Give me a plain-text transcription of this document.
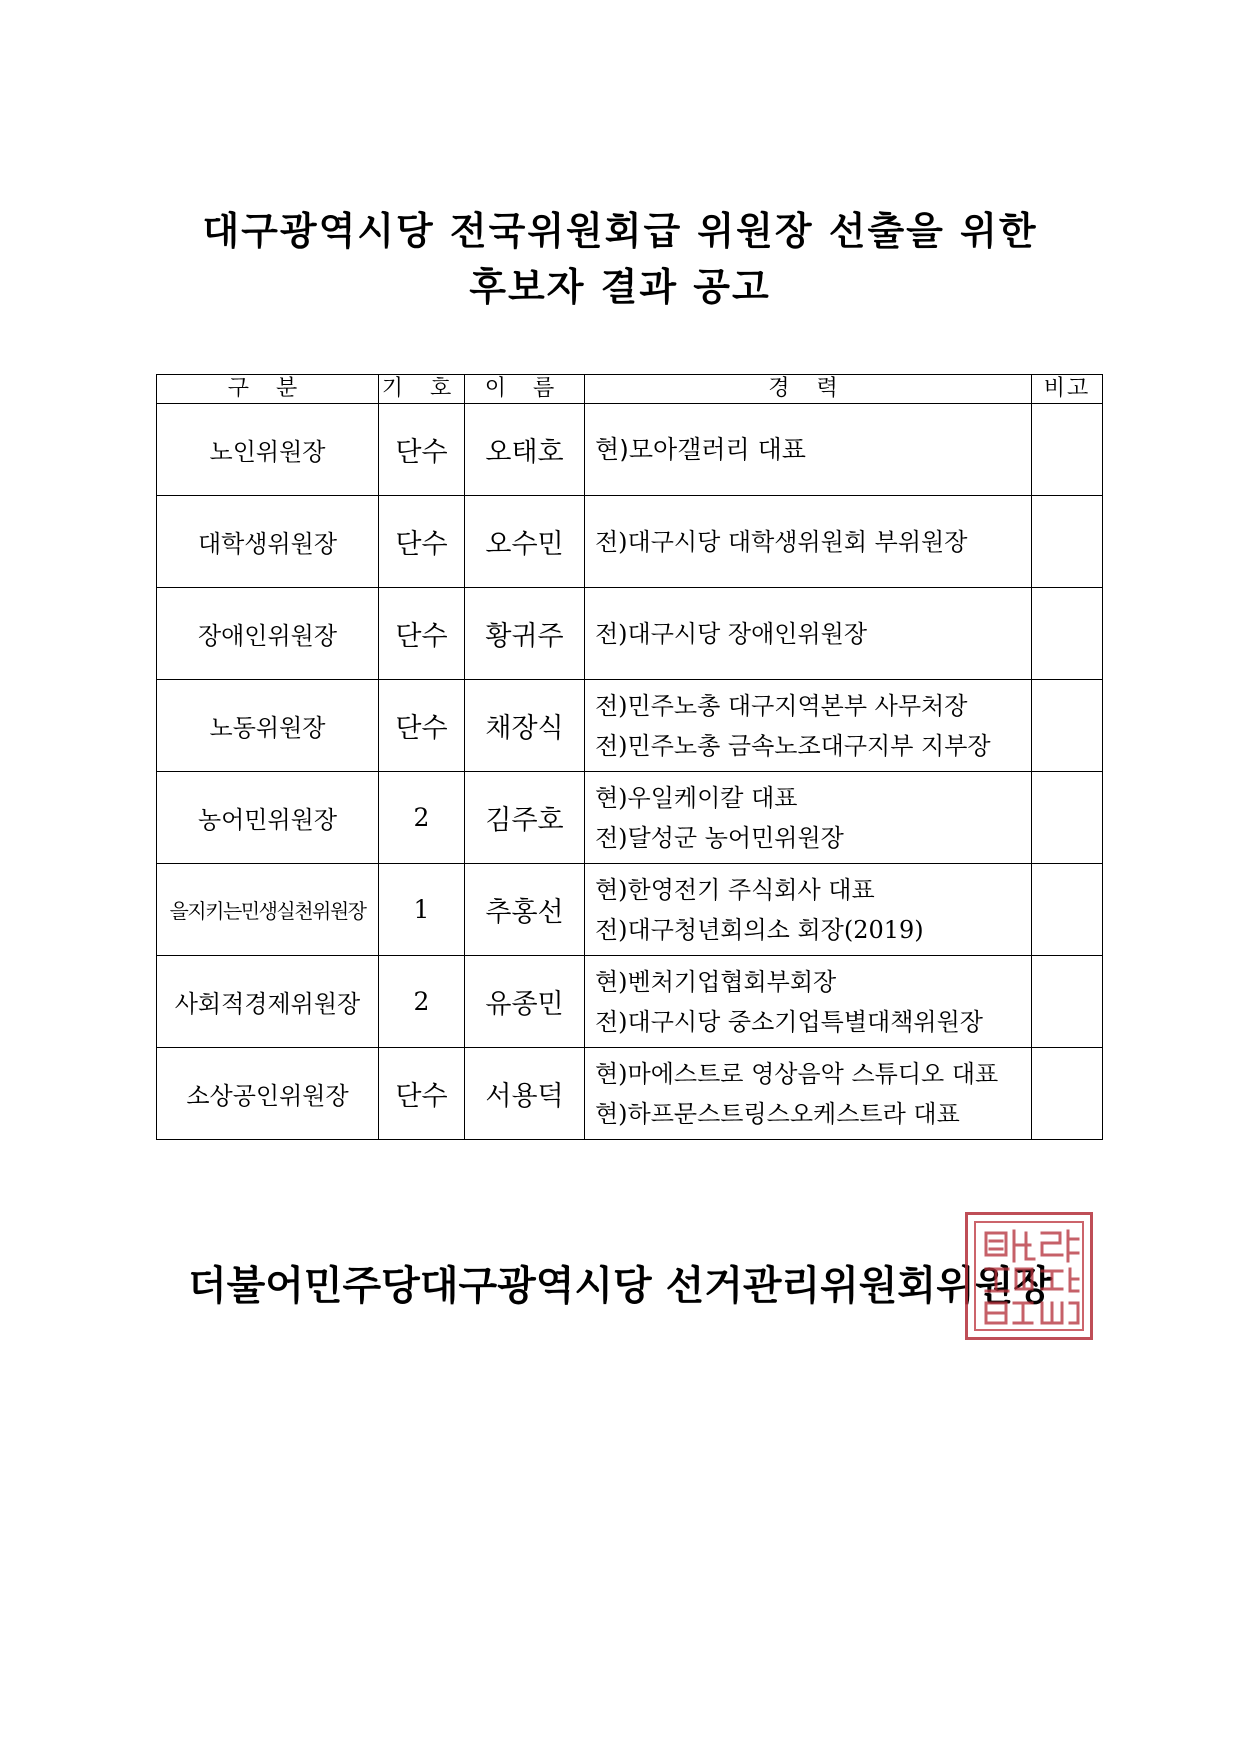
대구광역시당 전국위원회급 위원장 선출을 위한
후보자 결과 공고
구 분	기 호	이 름	경 력	비고
노인위원장	단수	오태호	현)모아갤러리 대표	

대학생위원장	단수	오수민	전)대구시당 대학생위원회 부위원장	

장애인위원장	단수	황귀주	전)대구시당 장애인위원장	

노동위원장	단수	채장식	전)민주노총 대구지역본부 사무처장
전)민주노총 금속노조대구지부 지부장	

농어민위원장	2	김주호	현)우일케이칼 대표
전)달성군 농어민위원장	

을지키는민생실천위원장	1	추홍선	현)한영전기 주식회사 대표
전)대구청년회의소 회장(2019)	

사회적경제위원장	2	유종민	현)벤처기업협회부회장
전)대구시당 중소기업특별대책위원장	

소상공인위원장	단수	서용덕	현)마에스트로 영상음악 스튜디오 대표
현)하프문스트링스오케스트라 대표	

더불어민주당대구광역시당 선거관리위원회위원장
